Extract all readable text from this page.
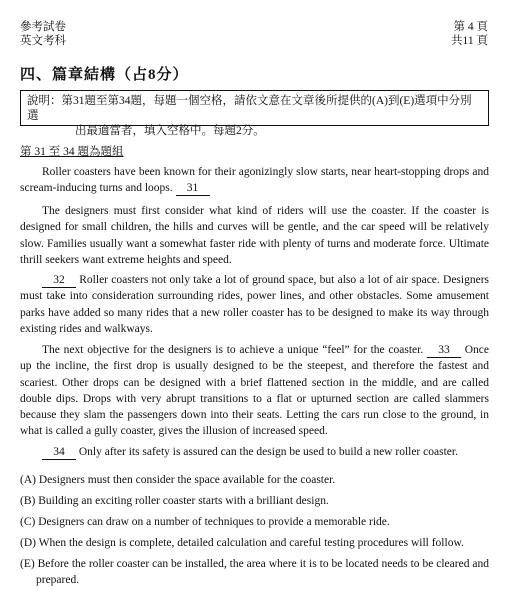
參考試卷
英文考科
第 4 頁
共11 頁
四、篇章結構（占8分）
說明：第31題至第34題，每題一個空格，請依文意在文章後所提供的(A)到(E)選項中分別選
出最適當者，填入空格中。每題2分。
第 31 至 34 題為題組

Roller coasters have been known for their agonizingly slow starts, near heart-stopping drops and scream-inducing turns and loops. 31

The designers must first consider what kind of riders will use the coaster. If the coaster is designed for small children, the hills and curves will be gentle, and the car speed will be relatively slow. Families usually want a somewhat faster ride with plenty of turns and moderate force. Ultimate thrill seekers want extreme heights and speed.

32 Roller coasters not only take a lot of ground space, but also a lot of air space. Designers must take into consideration surrounding rides, power lines, and other obstacles. Some amusement parks have added so many rides that a new roller coaster has to be designed to make its way through existing rides and walkways.

The next objective for the designers is to achieve a unique “feel” for the coaster. 33 Once up the incline, the first drop is usually designed to be the steepest, and therefore the fastest and scariest. Other drops can be designed with a brief flattened section in the middle, and are called double dips. Drops with very abrupt transitions to a flat or upturned section are called slammers because they slam the passengers down into their seats. Letting the cars run close to the ground, in what is called a gully coaster, gives the illusion of increased speed.

34 Only after its safety is assured can the design be used to build a new roller coaster.

(A) Designers must then consider the space available for the coaster.
(B) Building an exciting roller coaster starts with a brilliant design.
(C) Designers can draw on a number of techniques to provide a memorable ride.
(D) When the design is complete, detailed calculation and careful testing procedures will follow.
(E) Before the roller coaster can be installed, the area where it is to be located needs to be cleared and prepared.
